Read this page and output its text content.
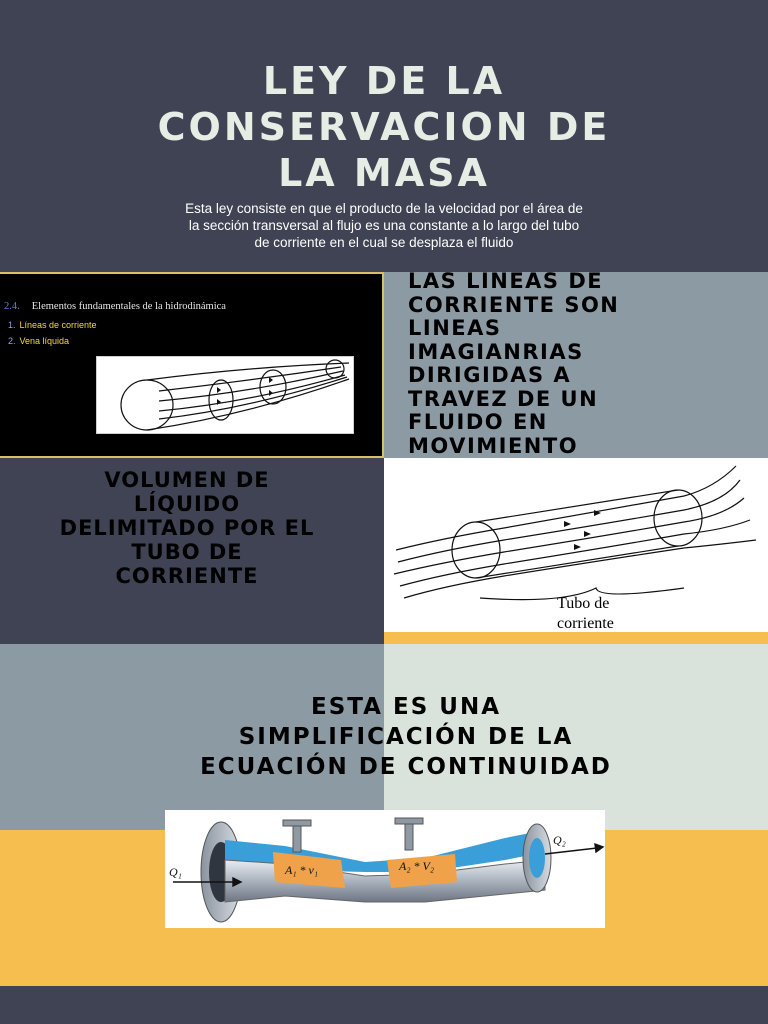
LEY DE LA
CONSERVACION DE
LA MASA
Esta ley consiste en que el producto de la velocidad por el área de
la sección transversal al flujo es una constante a lo largo del tubo
de corriente en el cual se desplaza el fluido
2.4. Elementos fundamentales de la hidrodinámica
1. Líneas de corriente
2. Vena líquida
LAS LINEAS DE
CORRIENTE SON
LINEAS
IMAGIANRIAS
DIRIGIDAS A
TRAVEZ DE UN
FLUIDO EN
MOVIMIENTO
VOLUMEN DE
LÍQUIDO
DELIMITADO POR EL
TUBO DE
CORRIENTE
Tubo de
corriente
ESTA ES UNA
SIMPLIFICACIÓN DE LA
ECUACIÓN DE CONTINUIDAD
Q₁
Q₂
A₁ * v₁	A₂ * V₂
